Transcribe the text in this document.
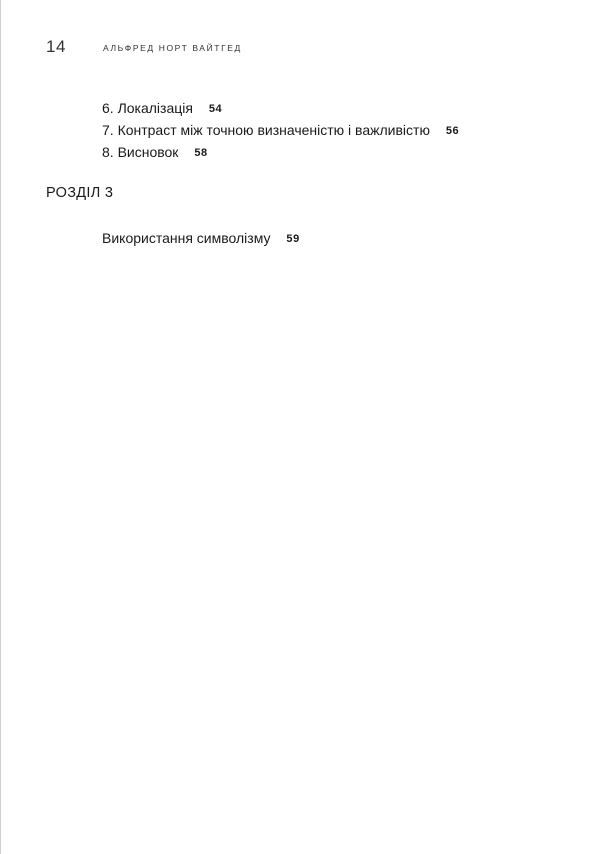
14	АЛЬФРЕД НОРТ ВАЙТГЕД
6. Локалізація 54
7. Контраст між точною визначеністю і важливістю 56
8. Висновок 58
РОЗДІЛ 3
Використання символізму 59
